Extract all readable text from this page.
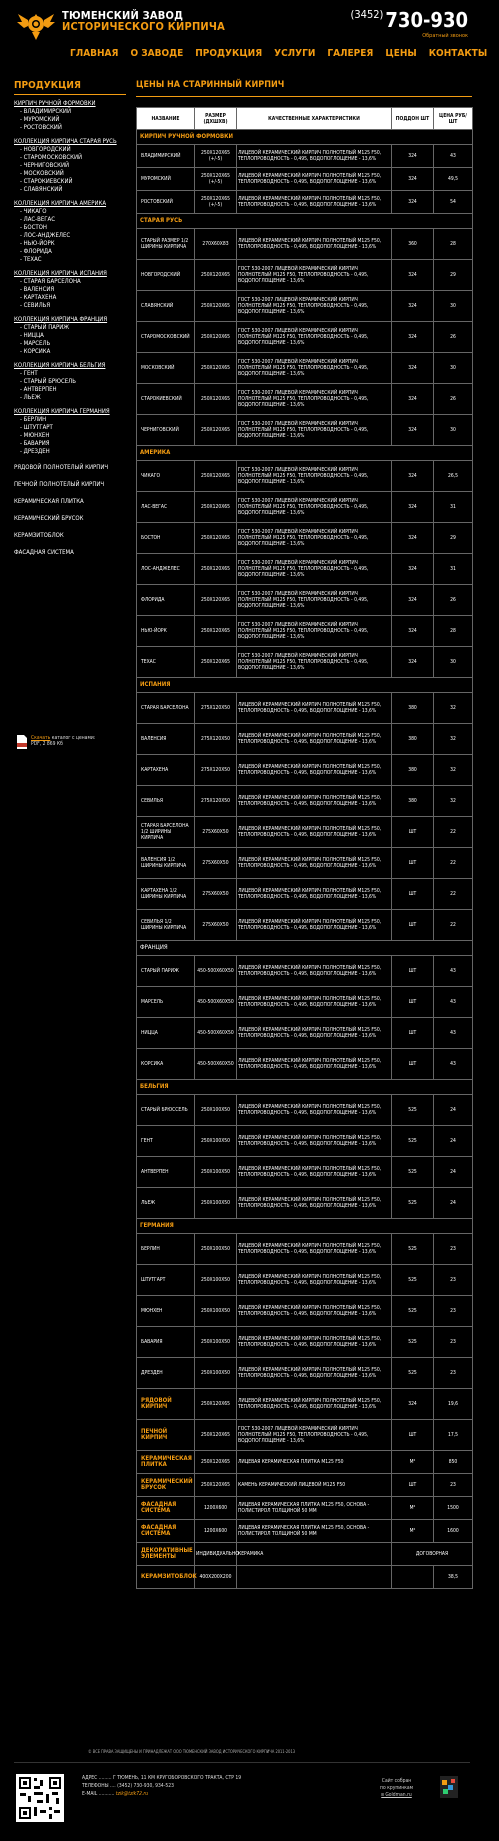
ТЮМЕНСКИЙ ЗАВОД
ИСТОРИЧЕСКОГО КИРПИЧА
$^{(3452)}$ 730-930
Обратный звонок
ГЛАВНАЯ О ЗАВОДЕ ПРОДУКЦИЯ УСЛУГИ ГАЛЕРЕЯ ЦЕНЫ КОНТАКТЫ
ПРОДУКЦИЯ
КИРПИЧ РУЧНОЙ ФОРМОВКИ
- ВЛАДИМИРСКИЙ
- МУРОМСКИЙ
- РОСТОВСКИЙ
КОЛЛЕКЦИЯ КИРПИЧА СТАРАЯ РУСЬ
- НОВГОРОДСКИЙ
- СТАРОМОСКОВСКИЙ
- ЧЕРНИГОВСКИЙ
- МОСКОВСКИЙ
- СТАРОКИЕВСКИЙ
- СЛАВЯНСКИЙ
КОЛЛЕКЦИЯ КИРПИЧА АМЕРИКА
- ЧИКАГО
- ЛАС-ВЕГАС
- БОСТОН
- ЛОС-АНДЖЕЛЕС
- НЬЮ-ЙОРК
- ФЛОРИДА
- ТЕХАС
КОЛЛЕКЦИЯ КИРПИЧА ИСПАНИЯ
- СТАРАЯ БАРСЕЛОНА
- ВАЛЕНСИЯ
- КАРТАХЕНА
- СЕВИЛЬЯ
КОЛЛЕКЦИЯ КИРПИЧА ФРАНЦИЯ
- СТАРЫЙ ПАРИЖ
- НИЦЦА
- МАРСЕЛЬ
- КОРСИКА
КОЛЛЕКЦИЯ КИРПИЧА БЕЛЬГИЯ
- ГЕНТ
- СТАРЫЙ БРЮСЕЛЬ
- АНТВЕРПЕН
- ЛЬЕЖ
КОЛЛЕКЦИЯ КИРПИЧА ГЕРМАНИЯ
- БЕРЛИН
- ШТУТГАРТ
- МЮНХЕН
- БАВАРИЯ
- ДРЕЗДЕН
РЯДОВОЙ ПОЛНОТЕЛЫЙ КИРПИЧ
ПЕЧНОЙ ПОЛНОТЕЛЫЙ КИРПИЧ
КЕРАМИЧЕСКАЯ ПЛИТКА
КЕРАМИЧЕСКИЙ БРУСОК
КЕРАМЗИТОБЛОК
ФАСАДНАЯ СИСТЕМА
Скачать каталог с ценами:
PDF, 2 869 Кб
ЦЕНЫ НА СТАРИННЫЙ КИРПИЧ
НАЗВАНИЕ	РАЗМЕР (ДХШХВ)	КАЧЕСТВЕННЫЕ ХАРАКТЕРИСТИКИ	ПОДДОН ШТ	ЦЕНА РУБ/ШТ
КИРПИЧ РУЧНОЙ ФОРМОВКИ				
ВЛАДИМИРСКИЙ	250Х120Х65 (+/-5)	ЛИЦЕВОЙ КЕРАМИЧЕСКИЙ КИРПИЧ ПОЛНОТЕЛЫЙ М125 F50, ТЕПЛОПРОВОДНОСТЬ - 0,495, ВОДОПОГЛОЩЕНИЕ - 13,6%	324	43
МУРОМСКИЙ	250Х120Х65 (+/-5)	ЛИЦЕВОЙ КЕРАМИЧЕСКИЙ КИРПИЧ ПОЛНОТЕЛЫЙ М125 F50, ТЕПЛОПРОВОДНОСТЬ - 0,495, ВОДОПОГЛОЩЕНИЕ - 13,6%	324	49,5
РОСТОВСКИЙ	250Х120Х65 (+/-5)	ЛИЦЕВОЙ КЕРАМИЧЕСКИЙ КИРПИЧ ПОЛНОТЕЛЫЙ М125 F50, ТЕПЛОПРОВОДНОСТЬ - 0,495, ВОДОПОГЛОЩЕНИЕ - 13,6%	324	54
СТАРАЯ РУСЬ				
СТАРЫЙ РАЗМЕР 1/2 ШИРИНЫ КИРПИЧА	270Х60Х83	ЛИЦЕВОЙ КЕРАМИЧЕСКИЙ КИРПИЧ ПОЛНОТЕЛЫЙ М125 F50, ТЕПЛОПРОВОДНОСТЬ - 0,495, ВОДОПОГЛОЩЕНИЕ - 13,6%	360	28
НОВГОРОДСКИЙ	250Х120Х65	ГОСТ 530-2007 ЛИЦЕВОЙ КЕРАМИЧЕСКИЙ КИРПИЧ ПОЛНОТЕЛЫЙ М125 F50, ТЕПЛОПРОВОДНОСТЬ - 0,495, ВОДОПОГЛОЩЕНИЕ - 13,6%	324	29
СЛАВЯНСКИЙ	250Х120Х65	ГОСТ 530-2007 ЛИЦЕВОЙ КЕРАМИЧЕСКИЙ КИРПИЧ ПОЛНОТЕЛЫЙ М125 F50, ТЕПЛОПРОВОДНОСТЬ - 0,495, ВОДОПОГЛОЩЕНИЕ - 13,6%	324	30
СТАРОМОСКОВСКИЙ	250Х120Х65	ГОСТ 530-2007 ЛИЦЕВОЙ КЕРАМИЧЕСКИЙ КИРПИЧ ПОЛНОТЕЛЫЙ М125 F50, ТЕПЛОПРОВОДНОСТЬ - 0,495, ВОДОПОГЛОЩЕНИЕ - 13,6%	324	26
МОСКОВСКИЙ	250Х120Х65	ГОСТ 530-2007 ЛИЦЕВОЙ КЕРАМИЧЕСКИЙ КИРПИЧ ПОЛНОТЕЛЫЙ М125 F50, ТЕПЛОПРОВОДНОСТЬ - 0,495, ВОДОПОГЛОЩЕНИЕ - 13,6%	324	30
СТАРОКИЕВСКИЙ	250Х120Х65	ГОСТ 530-2007 ЛИЦЕВОЙ КЕРАМИЧЕСКИЙ КИРПИЧ ПОЛНОТЕЛЫЙ М125 F50, ТЕПЛОПРОВОДНОСТЬ - 0,495, ВОДОПОГЛОЩЕНИЕ - 13,6%	324	26
ЧЕРНИГОВСКИЙ	250Х120Х65	ГОСТ 530-2007 ЛИЦЕВОЙ КЕРАМИЧЕСКИЙ КИРПИЧ ПОЛНОТЕЛЫЙ М125 F50, ТЕПЛОПРОВОДНОСТЬ - 0,495, ВОДОПОГЛОЩЕНИЕ - 13,6%	324	30
АМЕРИКА				
ЧИКАГО	250Х120Х65	ГОСТ 530-2007 ЛИЦЕВОЙ КЕРАМИЧЕСКИЙ КИРПИЧ ПОЛНОТЕЛЫЙ М125 F50, ТЕПЛОПРОВОДНОСТЬ - 0,495, ВОДОПОГЛОЩЕНИЕ - 13,6%	324	26,5
ЛАС-ВЕГАС	250Х120Х65	ГОСТ 530-2007 ЛИЦЕВОЙ КЕРАМИЧЕСКИЙ КИРПИЧ ПОЛНОТЕЛЫЙ М125 F50, ТЕПЛОПРОВОДНОСТЬ - 0,495, ВОДОПОГЛОЩЕНИЕ - 13,6%	324	31
БОСТОН	250Х120Х65	ГОСТ 530-2007 ЛИЦЕВОЙ КЕРАМИЧЕСКИЙ КИРПИЧ ПОЛНОТЕЛЫЙ М125 F50, ТЕПЛОПРОВОДНОСТЬ - 0,495, ВОДОПОГЛОЩЕНИЕ - 13,6%	324	29
ЛОС-АНДЖЕЛЕС	250Х120Х65	ГОСТ 530-2007 ЛИЦЕВОЙ КЕРАМИЧЕСКИЙ КИРПИЧ ПОЛНОТЕЛЫЙ М125 F50, ТЕПЛОПРОВОДНОСТЬ - 0,495, ВОДОПОГЛОЩЕНИЕ - 13,6%	324	31
ФЛОРИДА	250Х120Х65	ГОСТ 530-2007 ЛИЦЕВОЙ КЕРАМИЧЕСКИЙ КИРПИЧ ПОЛНОТЕЛЫЙ М125 F50, ТЕПЛОПРОВОДНОСТЬ - 0,495, ВОДОПОГЛОЩЕНИЕ - 13,6%	324	26
НЬЮ-ЙОРК	250Х120Х65	ГОСТ 530-2007 ЛИЦЕВОЙ КЕРАМИЧЕСКИЙ КИРПИЧ ПОЛНОТЕЛЫЙ М125 F50, ТЕПЛОПРОВОДНОСТЬ - 0,495, ВОДОПОГЛОЩЕНИЕ - 13,6%	324	28
ТЕХАС	250Х120Х65	ГОСТ 530-2007 ЛИЦЕВОЙ КЕРАМИЧЕСКИЙ КИРПИЧ ПОЛНОТЕЛЫЙ М125 F50, ТЕПЛОПРОВОДНОСТЬ - 0,495, ВОДОПОГЛОЩЕНИЕ - 13,6%	324	30
ИСПАНИЯ				
СТАРАЯ БАРСЕЛОНА	275Х120Х50	ЛИЦЕВОЙ КЕРАМИЧЕСКИЙ КИРПИЧ ПОЛНОТЕЛЫЙ М125 F50, ТЕПЛОПРОВОДНОСТЬ - 0,495, ВОДОПОГЛОЩЕНИЕ - 13,6%	380	32
ВАЛЕНСИЯ	275Х120Х50	ЛИЦЕВОЙ КЕРАМИЧЕСКИЙ КИРПИЧ ПОЛНОТЕЛЫЙ М125 F50, ТЕПЛОПРОВОДНОСТЬ - 0,495, ВОДОПОГЛОЩЕНИЕ - 13,6%	380	32
КАРТАХЕНА	275Х120Х50	ЛИЦЕВОЙ КЕРАМИЧЕСКИЙ КИРПИЧ ПОЛНОТЕЛЫЙ М125 F50, ТЕПЛОПРОВОДНОСТЬ - 0,495, ВОДОПОГЛОЩЕНИЕ - 13,6%	380	32
СЕВИЛЬЯ	275Х120Х50	ЛИЦЕВОЙ КЕРАМИЧЕСКИЙ КИРПИЧ ПОЛНОТЕЛЫЙ М125 F50, ТЕПЛОПРОВОДНОСТЬ - 0,495, ВОДОПОГЛОЩЕНИЕ - 13,6%	380	32
СТАРАЯ БАРСЕЛОНА 1/2 ШИРИНЫ КИРПИЧА	275Х60Х50	ЛИЦЕВОЙ КЕРАМИЧЕСКИЙ КИРПИЧ ПОЛНОТЕЛЫЙ М125 F50, ТЕПЛОПРОВОДНОСТЬ - 0,495, ВОДОПОГЛОЩЕНИЕ - 13,6%	ШТ	22
ВАЛЕНСИЯ 1/2 ШИРИНЫ КИРПИЧА	275Х60Х50	ЛИЦЕВОЙ КЕРАМИЧЕСКИЙ КИРПИЧ ПОЛНОТЕЛЫЙ М125 F50, ТЕПЛОПРОВОДНОСТЬ - 0,495, ВОДОПОГЛОЩЕНИЕ - 13,6%	ШТ	22
КАРТАХЕНА 1/2 ШИРИНЫ КИРПИЧА	275Х60Х50	ЛИЦЕВОЙ КЕРАМИЧЕСКИЙ КИРПИЧ ПОЛНОТЕЛЫЙ М125 F50, ТЕПЛОПРОВОДНОСТЬ - 0,495, ВОДОПОГЛОЩЕНИЕ - 13,6%	ШТ	22
СЕВИЛЬЯ 1/2 ШИРИНЫ КИРПИЧА	275Х60Х50	ЛИЦЕВОЙ КЕРАМИЧЕСКИЙ КИРПИЧ ПОЛНОТЕЛЫЙ М125 F50, ТЕПЛОПРОВОДНОСТЬ - 0,495, ВОДОПОГЛОЩЕНИЕ - 13,6%	ШТ	22
ФРАНЦИЯ				
СТАРЫЙ ПАРИЖ	450-500Х60Х50	ЛИЦЕВОЙ КЕРАМИЧЕСКИЙ КИРПИЧ ПОЛНОТЕЛЫЙ М125 F50, ТЕПЛОПРОВОДНОСТЬ - 0,495, ВОДОПОГЛОЩЕНИЕ - 13,6%	ШТ	43
МАРСЕЛЬ	450-500Х60Х50	ЛИЦЕВОЙ КЕРАМИЧЕСКИЙ КИРПИЧ ПОЛНОТЕЛЫЙ М125 F50, ТЕПЛОПРОВОДНОСТЬ - 0,495, ВОДОПОГЛОЩЕНИЕ - 13,6%	ШТ	43
НИЦЦА	450-500Х60Х50	ЛИЦЕВОЙ КЕРАМИЧЕСКИЙ КИРПИЧ ПОЛНОТЕЛЫЙ М125 F50, ТЕПЛОПРОВОДНОСТЬ - 0,495, ВОДОПОГЛОЩЕНИЕ - 13,6%	ШТ	43
КОРСИКА	450-500Х60Х50	ЛИЦЕВОЙ КЕРАМИЧЕСКИЙ КИРПИЧ ПОЛНОТЕЛЫЙ М125 F50, ТЕПЛОПРОВОДНОСТЬ - 0,495, ВОДОПОГЛОЩЕНИЕ - 13,6%	ШТ	43
БЕЛЬГИЯ				
СТАРЫЙ БРЮССЕЛЬ	250Х100Х50	ЛИЦЕВОЙ КЕРАМИЧЕСКИЙ КИРПИЧ ПОЛНОТЕЛЫЙ М125 F50, ТЕПЛОПРОВОДНОСТЬ - 0,495, ВОДОПОГЛОЩЕНИЕ - 13,6%	525	24
ГЕНТ	250Х100Х50	ЛИЦЕВОЙ КЕРАМИЧЕСКИЙ КИРПИЧ ПОЛНОТЕЛЫЙ М125 F50, ТЕПЛОПРОВОДНОСТЬ - 0,495, ВОДОПОГЛОЩЕНИЕ - 13,6%	525	24
АНТВЕРПЕН	250Х100Х50	ЛИЦЕВОЙ КЕРАМИЧЕСКИЙ КИРПИЧ ПОЛНОТЕЛЫЙ М125 F50, ТЕПЛОПРОВОДНОСТЬ - 0,495, ВОДОПОГЛОЩЕНИЕ - 13,6%	525	24
ЛЬЕЖ	250Х100Х50	ЛИЦЕВОЙ КЕРАМИЧЕСКИЙ КИРПИЧ ПОЛНОТЕЛЫЙ М125 F50, ТЕПЛОПРОВОДНОСТЬ - 0,495, ВОДОПОГЛОЩЕНИЕ - 13,6%	525	24
ГЕРМАНИЯ				
БЕРЛИН	250Х100Х50	ЛИЦЕВОЙ КЕРАМИЧЕСКИЙ КИРПИЧ ПОЛНОТЕЛЫЙ М125 F50, ТЕПЛОПРОВОДНОСТЬ - 0,495, ВОДОПОГЛОЩЕНИЕ - 13,6%	525	23
ШТУТГАРТ	250Х100Х50	ЛИЦЕВОЙ КЕРАМИЧЕСКИЙ КИРПИЧ ПОЛНОТЕЛЫЙ М125 F50, ТЕПЛОПРОВОДНОСТЬ - 0,495, ВОДОПОГЛОЩЕНИЕ - 13,6%	525	23
МЮНХЕН	250Х100Х50	ЛИЦЕВОЙ КЕРАМИЧЕСКИЙ КИРПИЧ ПОЛНОТЕЛЫЙ М125 F50, ТЕПЛОПРОВОДНОСТЬ - 0,495, ВОДОПОГЛОЩЕНИЕ - 13,6%	525	23
БАВАРИЯ	250Х100Х50	ЛИЦЕВОЙ КЕРАМИЧЕСКИЙ КИРПИЧ ПОЛНОТЕЛЫЙ М125 F50, ТЕПЛОПРОВОДНОСТЬ - 0,495, ВОДОПОГЛОЩЕНИЕ - 13,6%	525	23
ДРЕЗДЕН	250Х100Х50	ЛИЦЕВОЙ КЕРАМИЧЕСКИЙ КИРПИЧ ПОЛНОТЕЛЫЙ М125 F50, ТЕПЛОПРОВОДНОСТЬ - 0,495, ВОДОПОГЛОЩЕНИЕ - 13,6%	525	23
РЯДОВОЙ КИРПИЧ	250Х120Х65	ЛИЦЕВОЙ КЕРАМИЧЕСКИЙ КИРПИЧ ПОЛНОТЕЛЫЙ М125 F50, ТЕПЛОПРОВОДНОСТЬ - 0,495, ВОДОПОГЛОЩЕНИЕ - 13,6%	324	19,6
ПЕЧНОЙ КИРПИЧ	250Х120Х65	ГОСТ 530-2007 ЛИЦЕВОЙ КЕРАМИЧЕСКИЙ КИРПИЧ ПОЛНОТЕЛЫЙ М125 F50, ТЕПЛОПРОВОДНОСТЬ - 0,495, ВОДОПОГЛОЩЕНИЕ - 13,6%	ШТ	17,5
КЕРАМИЧЕСКАЯ ПЛИТКА	250Х120Х65	ЛИЦЕВАЯ КЕРАМИЧЕСКАЯ ПЛИТКА М125 F50	М²	850
КЕРАМИЧЕСКИЙ БРУСОК	250Х120Х65	КАМЕНЬ КЕРАМИЧЕСКИЙ ЛИЦЕВОЙ М125 F50	ШТ	23
ФАСАДНАЯ СИСТЕМА	1200Х600	ЛИЦЕВАЯ КЕРАМИЧЕСКАЯ ПЛИТКА М125 F50, ОСНОВА - ПОЛИСТИРОЛ ТОЛЩИНОЙ 50 ММ	М²	1500
ФАСАДНАЯ СИСТЕМА	1200Х600	ЛИЦЕВАЯ КЕРАМИЧЕСКАЯ ПЛИТКА М125 F50, ОСНОВА - ПОЛИСТИРОЛ ТОЛЩИНОЙ 50 ММ	М²	1600
ДЕКОРАТИВНЫЕ ЭЛЕМЕНТЫ	ИНДИВИДУАЛЬНО	КЕРАМИКА	ДОГОВОРНАЯ	
КЕРАМЗИТОБЛОК	400Х200Х200			38,5
© ВСЕ ПРАВА ЗАЩИЩЕНЫ И ПРИНАДЛЕЖАТ ООО ТЮМЕНСКИЙ ЗАВОД ИСТОРИЧЕСКОГО КИРПИЧА 2011-2013
АДРЕС ......... Г ТЮМЕНЬ, 11 КМ КРУГОБОРОВСКОГО ТРАКТА, СТР 19
ТЕЛЕФОНЫ .... (3452) 730-930, 934-523
E-MAIL ........... tzik@tzik72.ru
Сайт собран
по крупинкам
в Goldman.ru
